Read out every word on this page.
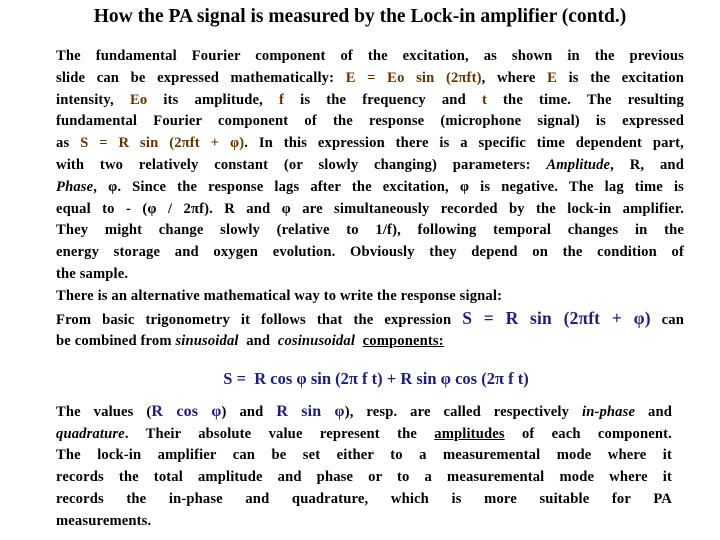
How the PA signal is measured by the Lock-in amplifier (contd.)
The fundamental Fourier component of the excitation, as shown in the previous
slide can be expressed mathematically: E = Eo sin (2πft), where E is the excitation
intensity, Eo its amplitude, f is the frequency and t the time. The resulting
fundamental Fourier component of the response (microphone signal) is expressed
as S = R sin (2πft + φ). In this expression there is a specific time dependent part,
with two relatively constant (or slowly changing) parameters: Amplitude, R, and
Phase, φ. Since the response lags after the excitation, φ is negative. The lag time is
equal to - (φ / 2πf). R and φ are simultaneously recorded by the lock-in amplifier.
They might change slowly (relative to 1/f), following temporal changes in the
energy storage and oxygen evolution. Obviously they depend on the condition of
the sample.
There is an alternative mathematical way to write the response signal:
From basic trigonometry it follows that the expression S = R sin (2πft + φ) can
be combined from sinusoidal and cosinusoidal components:
S = R cos φ sin (2π f t) + R sin φ cos (2π f t)
The values (R cos φ) and R sin φ), resp. are called respectively in-phase and
quadrature. Their absolute value represent the amplitudes of each component.
The lock-in amplifier can be set either to a measuremental mode where it
records the total amplitude and phase or to a measuremental mode where it
records the in-phase and quadrature, which is more suitable for PA
measurements.
